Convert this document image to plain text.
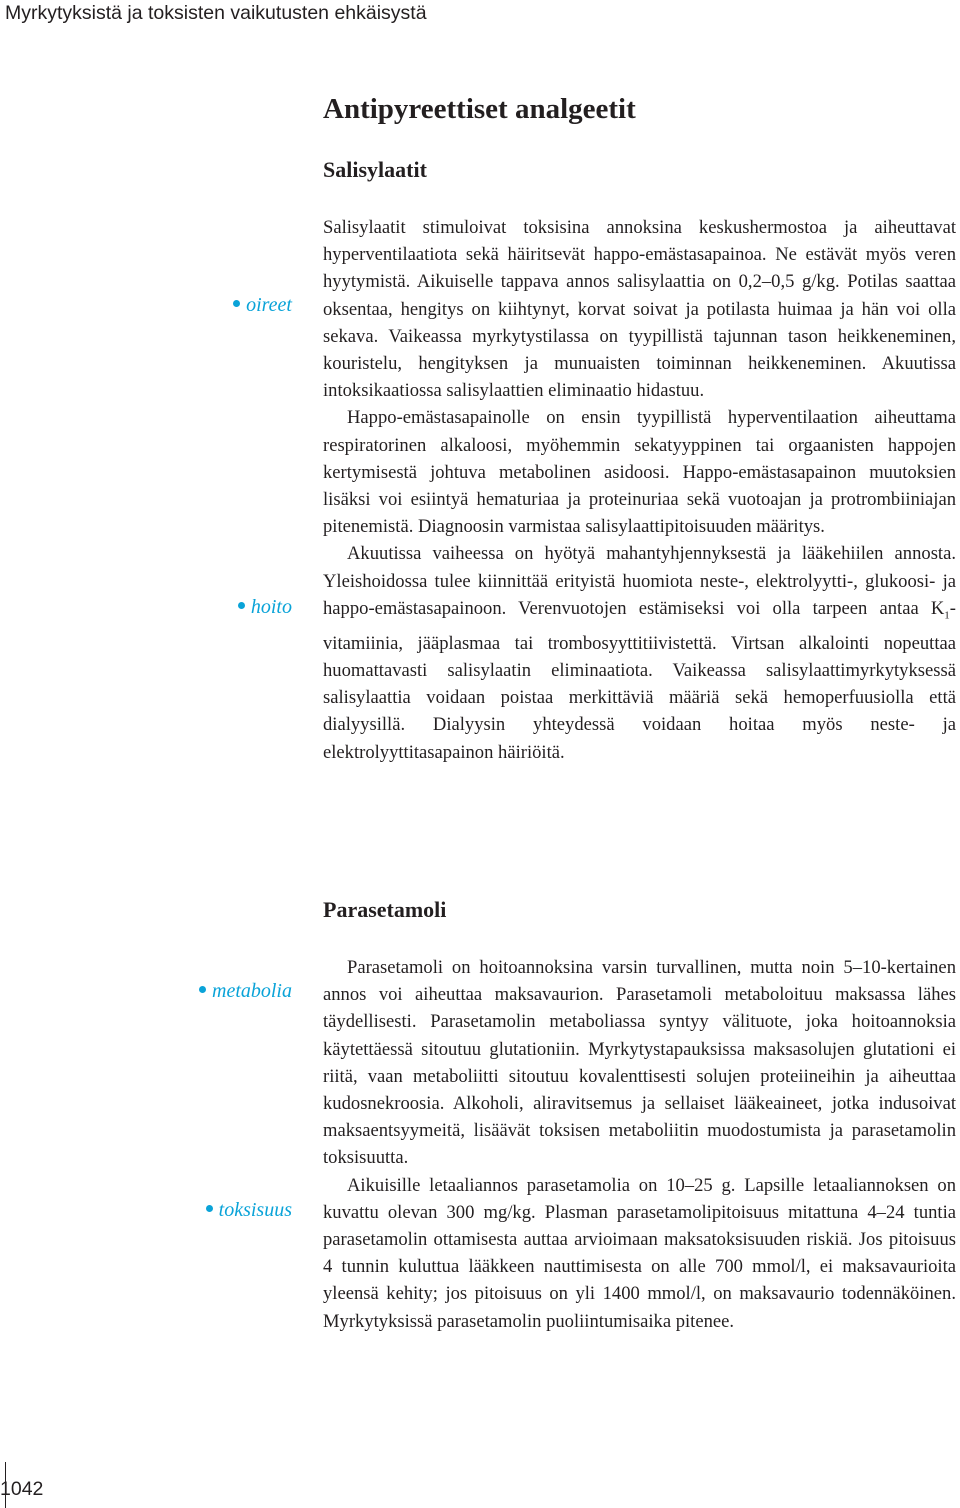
Myrkytyksistä ja toksisten vaikutusten ehkäisystä
Antipyreettiset analgeetit
Salisylaatit
oireet
hoito

Salisylaatit stimuloivat toksisina annoksina keskushermostoa ja aiheuttavat hyperventilaatiota sekä häiritsevät happo-emästasapainoa. Ne estävät myös veren hyytymistä. Aikuiselle tappava annos salisylaattia on 0,2–0,5 g/kg. Potilas saattaa oksentaa, hengitys on kiihtynyt, korvat soivat ja potilasta huimaa ja hän voi olla sekava. Vaikeassa myrkytystilassa on tyypillistä tajunnan tason heikkeneminen, kouristelu, hengityksen ja munuaisten toiminnan heikkeneminen. Akuutissa intoksikaatiossa salisylaattien eliminaatio hidastuu.

Happo-emästasapainolle on ensin tyypillistä hyperventilaation aiheuttama respiratorinen alkaloosi, myöhemmin sekatyyppinen tai orgaanisten happojen kertymisestä johtuva metabolinen asidoosi. Happo-emästasapainon muutoksien lisäksi voi esiintyä hematuriaa ja proteinuriaa sekä vuotoajan ja protrombiiniajan pitenemistä. Diagnoosin varmistaa salisylaattipitoisuuden määritys.

Akuutissa vaiheessa on hyötyä mahantyhjennyksestä ja lääkehiilen annosta. Yleishoidossa tulee kiinnittää erityistä huomiota neste-, elektrolyytti-, glukoosi- ja happo-emästasapainoon. Verenvuotojen estämiseksi voi olla tarpeen antaa $K_1$-vitamiinia, jääplasmaa tai trombosyyttitiivistettä. Virtsan alkalointi nopeuttaa huomattavasti salisylaatin eliminaatiota. Vaikeassa salisylaattimyrkytyksessä salisylaattia voidaan poistaa merkittäviä määriä sekä hemoperfuusiolla että dialyysillä. Dialyysin yhteydessä voidaan hoitaa myös neste- ja elektrolyyttitasapainon häiriöitä.

Parasetamoli
metabolia
toksisuus

Parasetamoli on hoitoannoksina varsin turvallinen, mutta noin 5–10-kertainen annos voi aiheuttaa maksavaurion. Parasetamoli metaboloituu maksassa lähes täydellisesti. Parasetamolin metaboliassa syntyy välituote, joka hoitoannoksia käytettäessä sitoutuu glutationiin. Myrkytystapauksissa maksasolujen glutationi ei riitä, vaan metaboliitti sitoutuu kovalenttisesti solujen proteiineihin ja aiheuttaa kudosnekroosia. Alkoholi, aliravitsemus ja sellaiset lääkeaineet, jotka indusoivat maksaentsyymeitä, lisäävät toksisen metaboliitin muodostumista ja parasetamolin toksisuutta.

Aikuisille letaaliannos parasetamolia on 10–25 g. Lapsille letaaliannoksen on kuvattu olevan 300 mg/kg. Plasman parasetamolipitoisuus mitattuna 4–24 tuntia parasetamolin ottamisesta auttaa arvioimaan maksatoksisuuden riskiä. Jos pitoisuus 4 tunnin kuluttua lääkkeen nauttimisesta on alle 700 mmol/l, ei maksavaurioita yleensä kehity; jos pitoisuus on yli 1400 mmol/l, on maksavaurio todennäköinen. Myrkytyksissä parasetamolin puoliintumisaika pitenee.

1042
